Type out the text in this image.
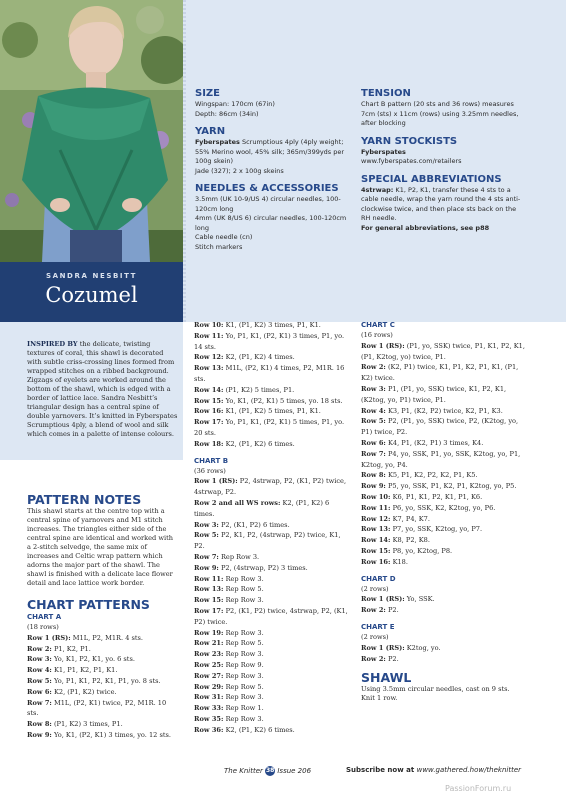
SANDRA NESBITT
Cozumel
INSPIRED BY the delicate, twisting textures of coral, this shawl is decorated with subtle criss-crossing lines formed from wrapped stitches on a ribbed background. Zigzags of eyelets are worked around the bottom of the shawl, which is edged with a border of lattice lace. Sandra Nesbitt’s triangular design has a central spine of double yarnovers. It’s knitted in Fyberspates Scrumptious 4ply, a blend of wool and silk which comes in a palette of intense colours.
SIZE
Wingspan: 170cm (67in)
Depth: 86cm (34in)
YARN
Fyberspates Scrumptious 4ply (4ply weight; 55% Merino wool, 45% silk; 365m/399yds per 100g skein)
Jade (327); 2 x 100g skeins
NEEDLES & ACCESSORIES
3.5mm (UK 10-9/US 4) circular needles, 100-120cm long
4mm (UK 8/US 6) circular needles, 100-120cm long
Cable needle (cn)
Stitch markers
TENSION
Chart B pattern (20 sts and 36 rows) measures 7cm (sts) x 11cm (rows) using 3.25mm needles, after blocking
YARN STOCKISTS
Fyberspates
www.fyberspates.com/retailers
SPECIAL ABBREVIATIONS
4strwap: K1, P2, K1, transfer these 4 sts to a cable needle, wrap the yarn round the 4 sts anti-clockwise twice, and then place sts back on the RH needle.
For general abbreviations, see p88
PATTERN NOTES
This shawl starts at the centre top with a central spine of yarnovers and M1 stitch increases. The triangles either side of the central spine are identical and worked with a 2-stitch selvedge, the same mix of increases and Celtic wrap pattern which adorns the major part of the shawl. The shawl is finished with a delicate lace flower detail and lace lattice work border.
CHART PATTERNS
CHART A
(18 rows)
Row 1 (RS): M1L, P2, M1R. 4 sts.
Row 2: P1, K2, P1.
Row 3: Yo, K1, P2, K1, yo. 6 sts.
Row 4: K1, P1, K2, P1, K1.
Row 5: Yo, P1, K1, P2, K1, P1, yo. 8 sts.
Row 6: K2, (P1, K2) twice.
Row 7: M1L, (P2, K1) twice, P2, M1R. 10 sts.
Row 8: (P1, K2) 3 times, P1.
Row 9: Yo, K1, (P2, K1) 3 times, yo. 12 sts.
Row 10: K1, (P1, K2) 3 times, P1, K1.
Row 11: Yo, P1, K1, (P2, K1) 3 times, P1, yo. 14 sts.
Row 12: K2, (P1, K2) 4 times.
Row 13: M1L, (P2, K1) 4 times, P2, M1R. 16 sts.
Row 14: (P1, K2) 5 times, P1.
Row 15: Yo, K1, (P2, K1) 5 times, yo. 18 sts.
Row 16: K1, (P1, K2) 5 times, P1, K1.
Row 17: Yo, P1, K1, (P2, K1) 5 times, P1, yo. 20 sts.
Row 18: K2, (P1, K2) 6 times.
CHART B
(36 rows)
Row 1 (RS): P2, 4strwap, P2, (K1, P2) twice, 4strwap, P2.
Row 2 and all WS rows: K2, (P1, K2) 6 times.
Row 3: P2, (K1, P2) 6 times.
Row 5: P2, K1, P2, (4strwap, P2) twice, K1, P2.
Row 7: Rep Row 3.
Row 9: P2, (4strwap, P2) 3 times.
Row 11: Rep Row 3.
Row 13: Rep Row 5.
Row 15: Rep Row 3.
Row 17: P2, (K1, P2) twice, 4strwap, P2, (K1, P2) twice.
Row 19: Rep Row 3.
Row 21: Rep Row 5.
Row 23: Rep Row 3.
Row 25: Rep Row 9.
Row 27: Rep Row 3.
Row 29: Rep Row 5.
Row 31: Rep Row 3.
Row 33: Rep Row 1.
Row 35: Rep Row 3.
Row 36: K2, (P1, K2) 6 times.
CHART C
(16 rows)
Row 1 (RS): (P1, yo, SSK) twice, P1, K1, P2, K1, (P1, K2tog, yo) twice, P1.
Row 2: (K2, P1) twice, K1, P1, K2, P1, K1, (P1, K2) twice.
Row 3: P1, (P1, yo, SSK) twice, K1, P2, K1, (K2tog, yo, P1) twice, P1.
Row 4: K3, P1, (K2, P2) twice, K2, P1, K3.
Row 5: P2, (P1, yo, SSK) twice, P2, (K2tog, yo, P1) twice, P2.
Row 6: K4, P1, (K2, P1) 3 times, K4.
Row 7: P4, yo, SSK, P1, yo, SSK, K2tog, yo, P1, K2tog, yo, P4.
Row 8: K5, P1, K2, P2, K2, P1, K5.
Row 9: P5, yo, SSK, P1, K2, P1, K2tog, yo, P5.
Row 10: K6, P1, K1, P2, K1, P1, K6.
Row 11: P6, yo, SSK, K2, K2tog, yo, P6.
Row 12: K7, P4, K7.
Row 13: P7, yo, SSK, K2tog, yo, P7.
Row 14: K8, P2, K8.
Row 15: P8, yo, K2tog, P8.
Row 16: K18.
CHART D
(2 rows)
Row 1 (RS): Yo, SSK.
Row 2: P2.
CHART E
(2 rows)
Row 1 (RS): K2tog, yo.
Row 2: P2.
SHAWL
Using 3.5mm circular needles, cast on 9 sts.
Knit 1 row.
The Knitter 38 Issue 206	Subscribe now at www.gathered.how/theknitter
PassionForum.ru
